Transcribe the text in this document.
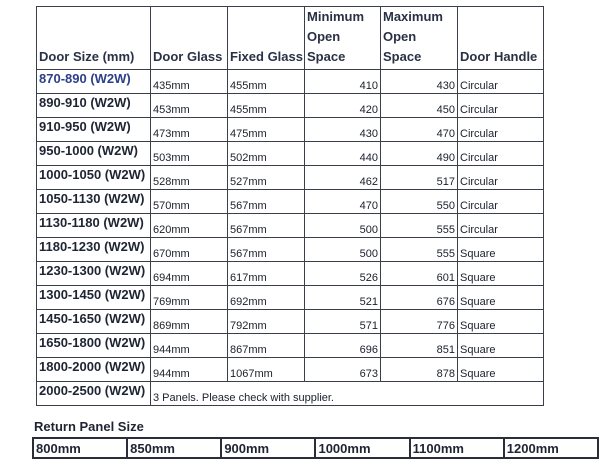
Door Size (mm)	Door Glass	Fixed Glass	Minimum Open Space	Maximum Open Space	Door Handle
870-890 (W2W)	435mm	455mm	410	430	Circular
890-910 (W2W)	453mm	455mm	420	450	Circular
910-950 (W2W)	473mm	475mm	430	470	Circular
950-1000 (W2W)	503mm	502mm	440	490	Circular
1000-1050 (W2W)	528mm	527mm	462	517	Circular
1050-1130 (W2W)	570mm	567mm	470	550	Circular
1130-1180 (W2W)	620mm	567mm	500	555	Circular
1180-1230 (W2W)	670mm	567mm	500	555	Square
1230-1300 (W2W)	694mm	617mm	526	601	Square
1300-1450 (W2W)	769mm	692mm	521	676	Square
1450-1650 (W2W)	869mm	792mm	571	776	Square
1650-1800 (W2W)	944mm	867mm	696	851	Square
1800-2000 (W2W)	944mm	1067mm	673	878	Square
2000-2500 (W2W)	3 Panels. Please check with supplier.				
Return Panel Size
800mm	850mm	900mm	1000mm	1100mm	1200mm
